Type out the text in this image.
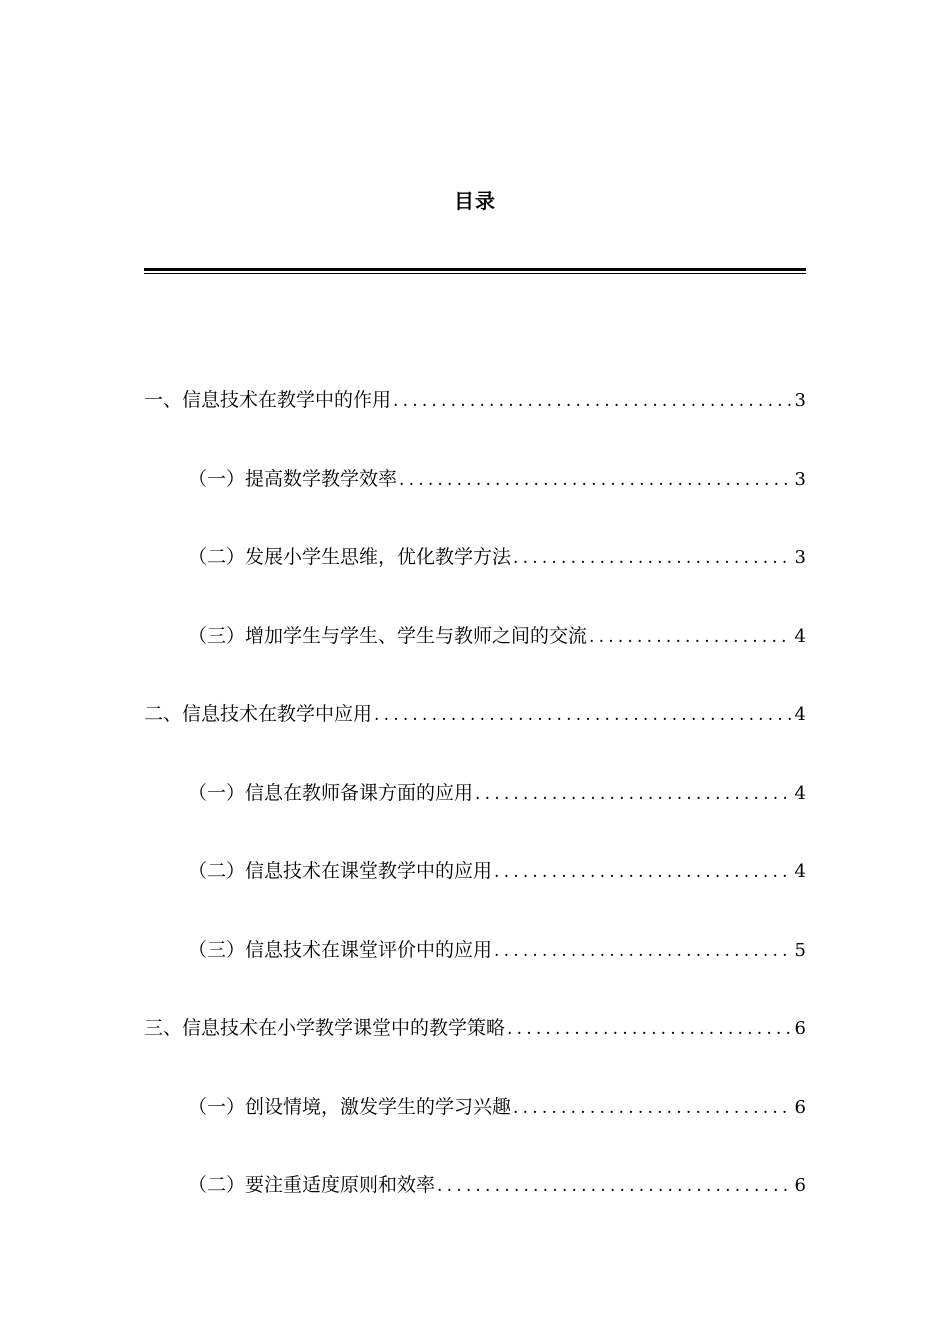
目录
一、信息技术在教学中的作用 .....	3
（一）提高数学教学效率 .....	3
（二）发展小学生思维，优化教学方法 .....	3
（三）增加学生与学生、学生与教师之间的交流 .....	4
二、信息技术在教学中应用 .....	4
（一）信息在教师备课方面的应用 .....	4
（二）信息技术在课堂教学中的应用 .....	4
（三）信息技术在课堂评价中的应用 .....	5
三、信息技术在小学教学课堂中的教学策略 .....	6
（一）创设情境，激发学生的学习兴趣 .....	6
（二）要注重适度原则和效率 .....	6
